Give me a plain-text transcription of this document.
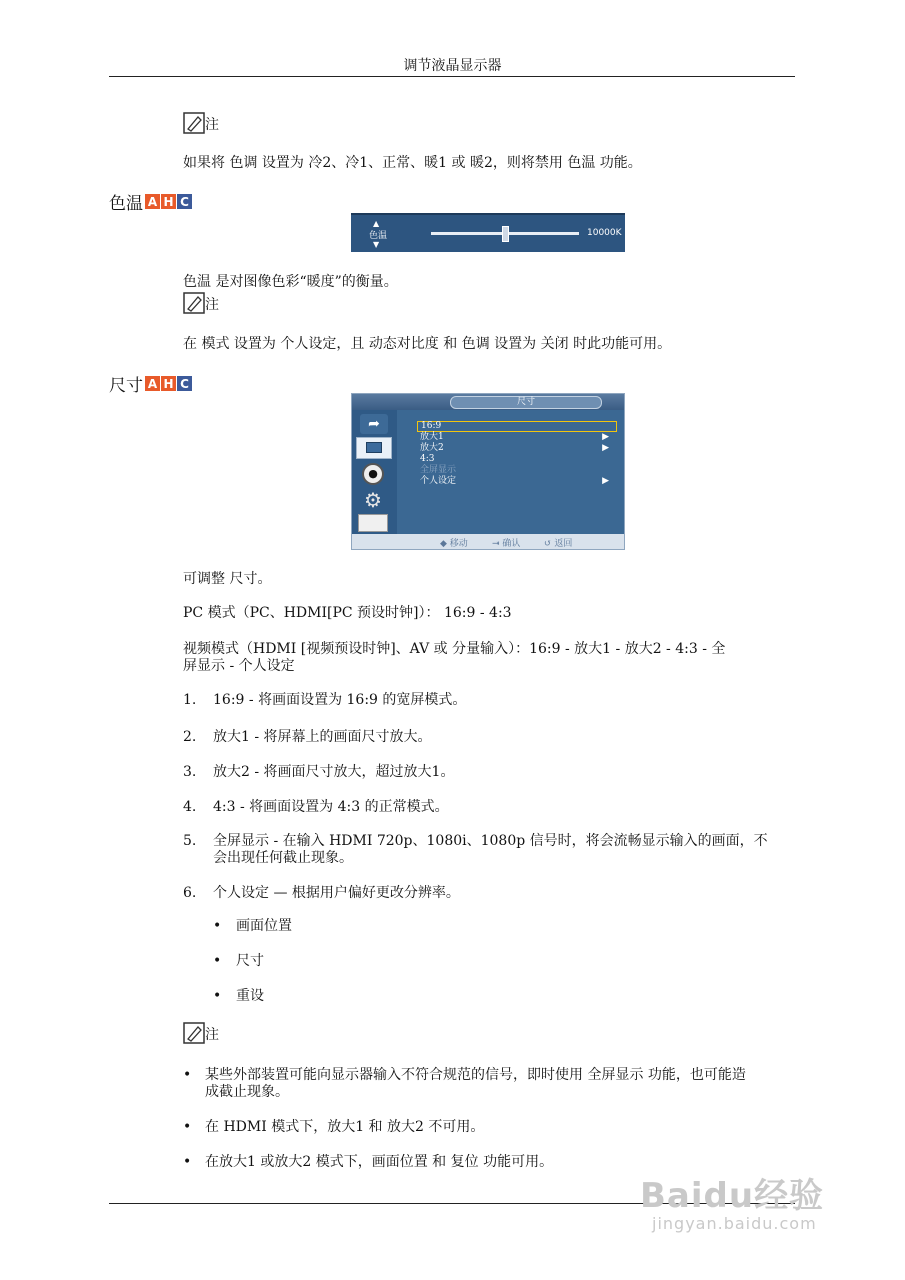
调节液晶显示器
注
如果将 色调 设置为 冷2、冷1、正常、暖1 或 暖2，则将禁用 色温 功能。
色温 A H C
▲
色温
▼
10000K
色温 是对图像色彩“暖度”的衡量。
注
在 模式 设置为 个人设定，且 动态对比度 和 色调 设置为 关闭 时此功能可用。
尺寸 A H C
尺寸
➦
●
⚙
16:9
放大1	▶
放大2	▶
4:3
全屏显示
个人设定	▶
◆ 移动	⇥ 确认	↺ 返回
可调整 尺寸。
PC 模式（PC、HDMI[PC 预设时钟]）： 16:9 - 4:3
视频模式（HDMI [视频预设时钟]、AV 或 分量输入）：16:9 - 放大1 - 放大2 - 4:3 - 全
屏显示 - 个人设定
1. 16:9 - 将画面设置为 16:9 的宽屏模式。
2. 放大1 - 将屏幕上的画面尺寸放大。
3. 放大2 - 将画面尺寸放大，超过放大1。
4. 4:3 - 将画面设置为 4:3 的正常模式。
5. 全屏显示 - 在输入 HDMI 720p、1080i、1080p 信号时，将会流畅显示输入的画面，不
会出现任何截止现象。
6. 个人设定 — 根据用户偏好更改分辨率。
• 画面位置
• 尺寸
• 重设
注
• 某些外部装置可能向显示器输入不符合规范的信号，即时使用 全屏显示 功能，也可能造
成截止现象。
• 在 HDMI 模式下，放大1 和 放大2 不可用。
• 在放大1 或放大2 模式下，画面位置 和 复位 功能可用。
Baidu经验
jingyan.baidu.com
